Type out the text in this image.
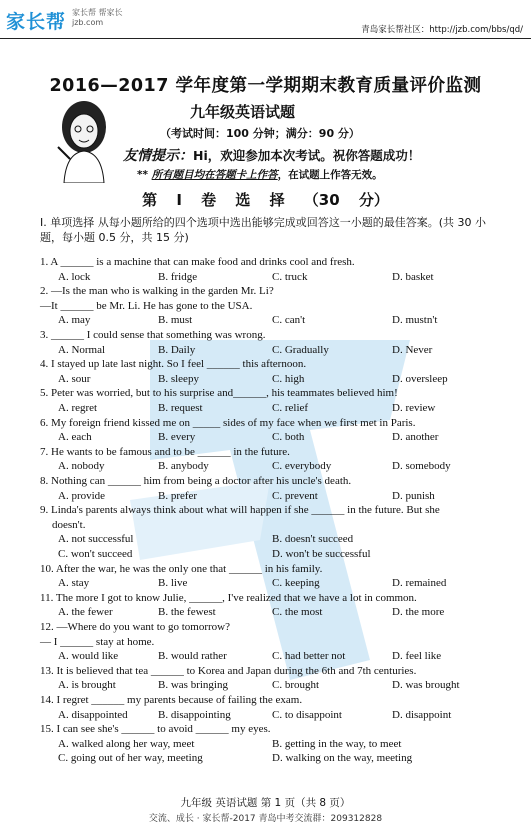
家长帮 家长帮 帮家长
jzb.com
青岛家长帮社区：http://jzb.com/bbs/qd/
2016—2017 学年度第一学期期末教育质量评价监测
九年级英语试题
（考试时间：100 分钟；满分：90 分）
友情提示：Hi，欢迎参加本次考试。祝你答题成功！
** 所有题目均在答题卡上作答，在试题上作答无效。
第 Ⅰ 卷 选 择 （30 分）
I. 单项选择 从每小题所给的四个选项中选出能够完成或回答这一小题的最佳答案。(共 30 小题，每小题 0.5 分，共 15 分)
1. A ______ is a machine that can make food and drinks cool and fresh.
A. lock	B. fridge	C. truck	D. basket
2. —Is the man who is walking in the garden Mr. Li?
—It ______ be Mr. Li. He has gone to the USA.
A. may	B. must	C. can't	D. mustn't
3. ______ I could sense that something was wrong.
A. Normal	B. Daily	C. Gradually	D. Never
4. I stayed up late last night. So I feel ______ this afternoon.
A. sour	B. sleepy	C. high	D. oversleep
5. Peter was worried, but to his surprise and______, his teammates believed him!
A. regret	B. request	C. relief	D. review
6. My foreign friend kissed me on _____ sides of my face when we first met in Paris.
A. each	B. every	C. both	D. another
7. He wants to be famous and to be ______ in the future.
A. nobody	B. anybody	C. everybody	D. somebody
8. Nothing can ______ him from being a doctor after his uncle's death.
A. provide	B. prefer	C. prevent	D. punish
9. Linda's parents always think about what will happen if she ______ in the future. But she
doesn't.
A. not successful	B. doesn't succeed
C. won't succeed	D. won't be successful
10. After the war, he was the only one that ______ in his family.
A. stay	B. live	C. keeping	D. remained
11. The more I got to know Julie, ______, I've realized that we have a lot in common.
A. the fewer	B. the fewest	C. the most	D. the more
12. —Where do you want to go tomorrow?
— I ______ stay at home.
A. would like	B. would rather	C. had better not	D. feel like
13. It is believed that tea ______ to Korea and Japan during the 6th and 7th centuries.
A. is brought	B. was bringing	C. brought	D. was brought
14. I regret ______ my parents because of failing the exam.
A. disappointed	B. disappointing	C. to disappoint	D. disappoint
15. I can see she's ______ to avoid ______ my eyes.
A. walked along her way, meet	B. getting in the way, to meet
C. going out of her way, meeting	D. walking on the way, meeting
九年级 英语试题 第 1 页（共 8 页）
交流、成长 · 家长帮-2017 青岛中考交流群：209312828
